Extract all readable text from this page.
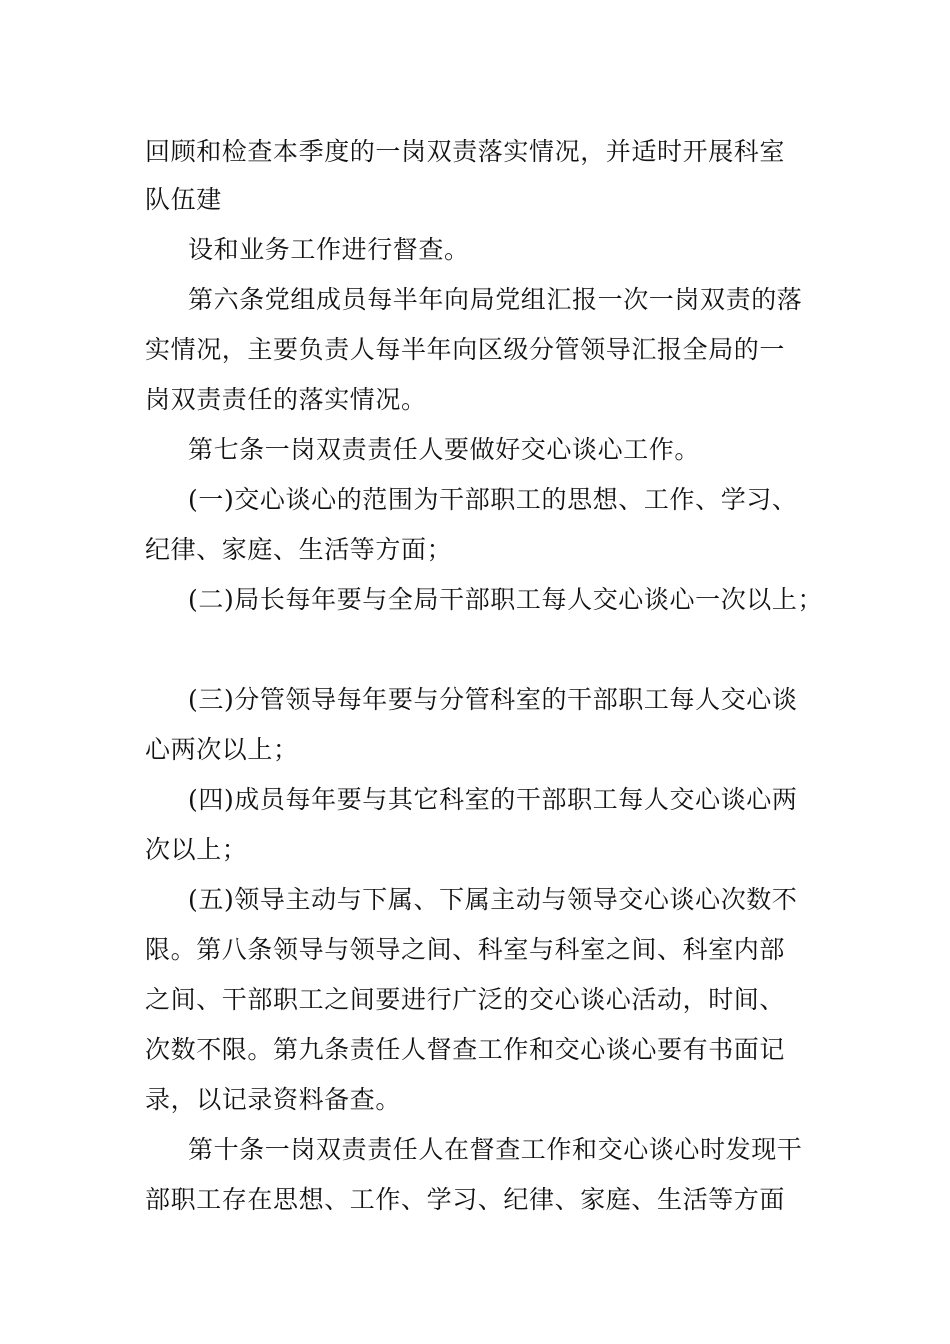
回顾和检查本季度的一岗双责落实情况，并适时开展科室
队伍建
设和业务工作进行督查。
第六条党组成员每半年向局党组汇报一次一岗双责的落
实情况，主要负责人每半年向区级分管领导汇报全局的一
岗双责责任的落实情况。
第七条一岗双责责任人要做好交心谈心工作。
(一)交心谈心的范围为干部职工的思想、工作、学习、
纪律、家庭、生活等方面；
(二)局长每年要与全局干部职工每人交心谈心一次以上；
(三)分管领导每年要与分管科室的干部职工每人交心谈
心两次以上；
(四)成员每年要与其它科室的干部职工每人交心谈心两
次以上；
(五)领导主动与下属、下属主动与领导交心谈心次数不
限。第八条领导与领导之间、科室与科室之间、科室内部
之间、干部职工之间要进行广泛的交心谈心活动，时间、
次数不限。第九条责任人督查工作和交心谈心要有书面记
录，以记录资料备查。
第十条一岗双责责任人在督查工作和交心谈心时发现干
部职工存在思想、工作、学习、纪律、家庭、生活等方面
